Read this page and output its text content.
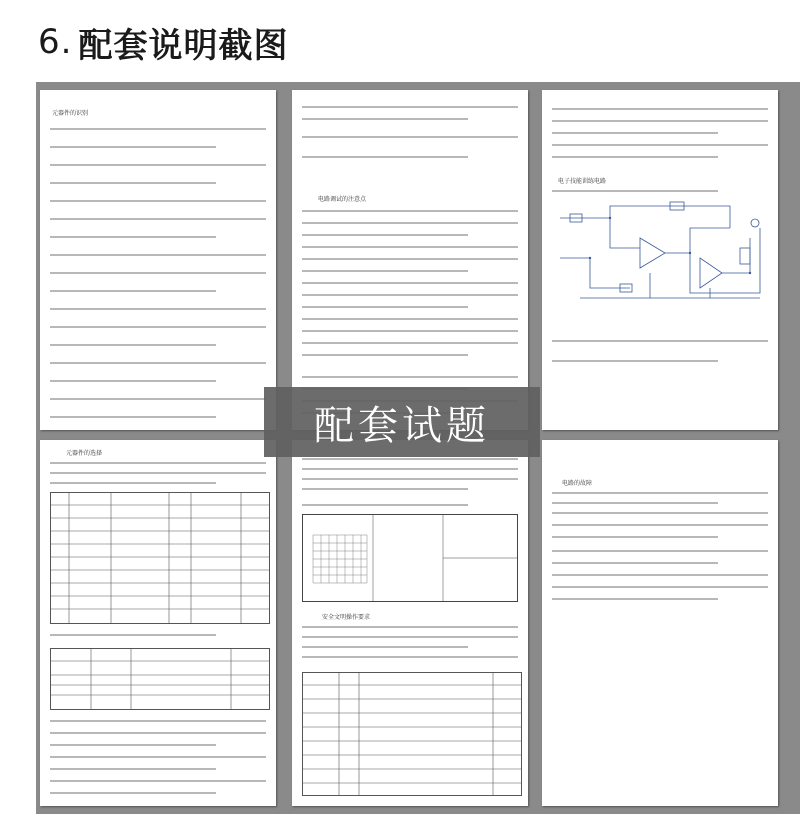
6. 配套说明截图
元器件的识别
电路调试的注意点
电子技能训练电路
元器件的选择
安全文明操作要求
电路的故障
配套试题
